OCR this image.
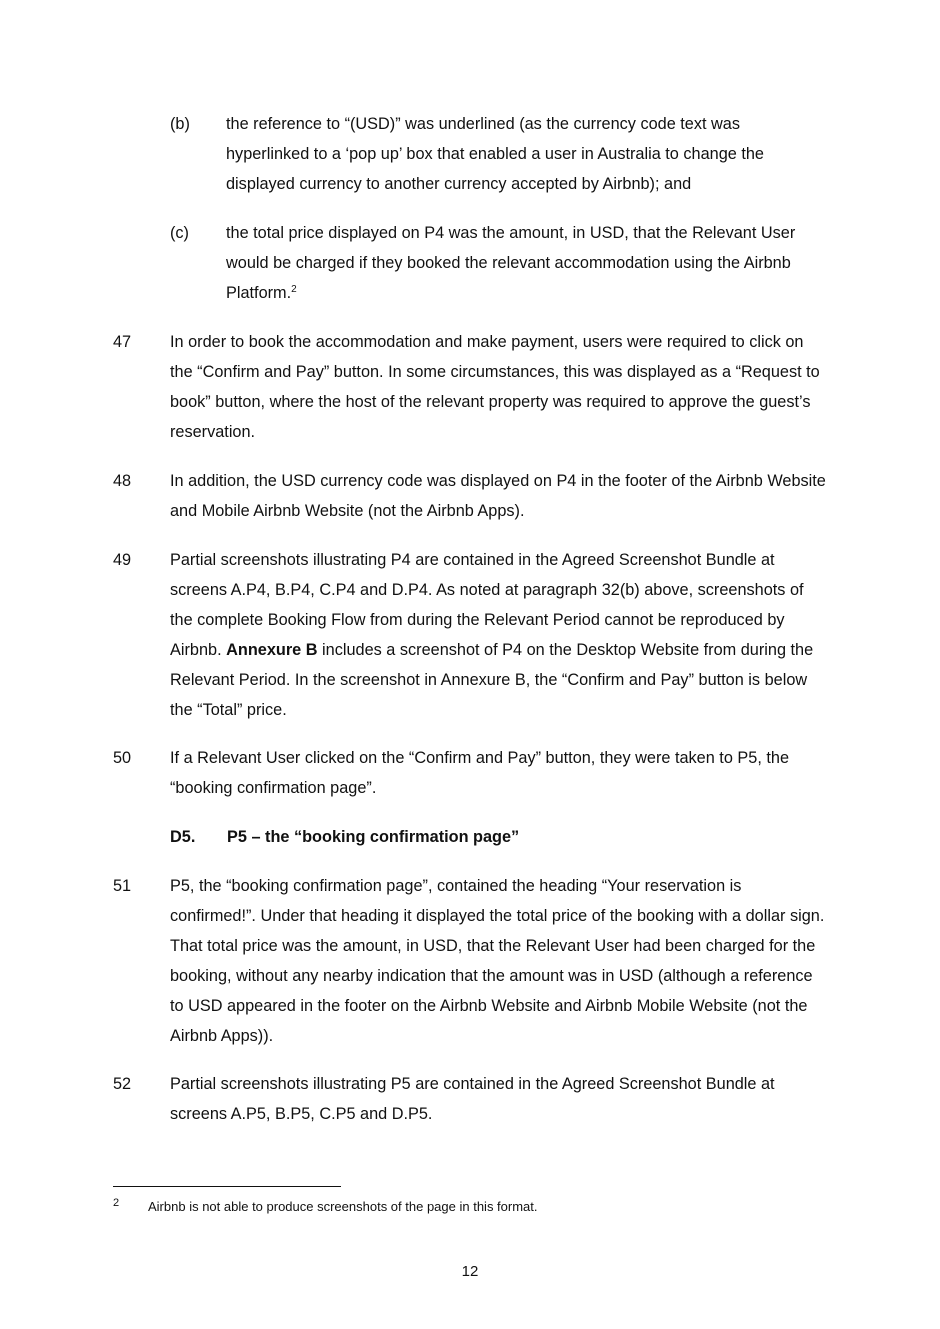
(b) the reference to “(USD)” was underlined (as the currency code text was hyperlinked to a ‘pop up’ box that enabled a user in Australia to change the displayed currency to another currency accepted by Airbnb); and
(c) the total price displayed on P4 was the amount, in USD, that the Relevant User would be charged if they booked the relevant accommodation using the Airbnb Platform.$^2$
47 In order to book the accommodation and make payment, users were required to click on the “Confirm and Pay” button. In some circumstances, this was displayed as a “Request to book” button, where the host of the relevant property was required to approve the guest’s reservation.
48 In addition, the USD currency code was displayed on P4 in the footer of the Airbnb Website and Mobile Airbnb Website (not the Airbnb Apps).
49 Partial screenshots illustrating P4 are contained in the Agreed Screenshot Bundle at screens A.P4, B.P4, C.P4 and D.P4. As noted at paragraph 32(b) above, screenshots of the complete Booking Flow from during the Relevant Period cannot be reproduced by Airbnb. Annexure B includes a screenshot of P4 on the Desktop Website from during the Relevant Period. In the screenshot in Annexure B, the “Confirm and Pay” button is below the “Total” price.
50 If a Relevant User clicked on the “Confirm and Pay” button, they were taken to P5, the “booking confirmation page”.
D5. P5 – the “booking confirmation page”
51 P5, the “booking confirmation page”, contained the heading “Your reservation is confirmed!”. Under that heading it displayed the total price of the booking with a dollar sign. That total price was the amount, in USD, that the Relevant User had been charged for the booking, without any nearby indication that the amount was in USD (although a reference to USD appeared in the footer on the Airbnb Website and Airbnb Mobile Website (not the Airbnb Apps)).
52 Partial screenshots illustrating P5 are contained in the Agreed Screenshot Bundle at screens A.P5, B.P5, C.P5 and D.P5.
2 Airbnb is not able to produce screenshots of the page in this format.
12
